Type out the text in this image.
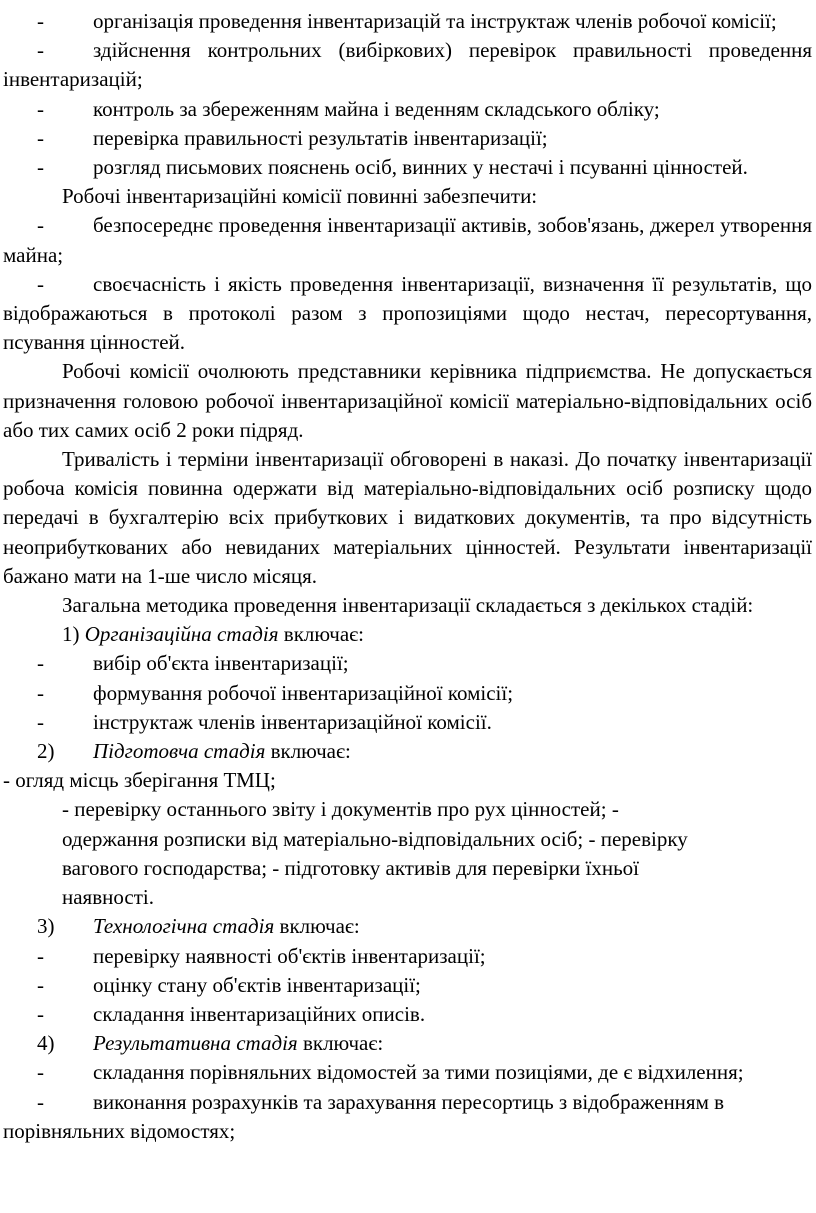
- організація проведення інвентаризацій та інструктаж членів робочої комісії;

- здійснення контрольних (вибіркових) перевірок правильності проведення інвентаризацій;

- контроль за збереженням майна і веденням складського обліку;

- перевірка правильності результатів інвентаризації;

- розгляд письмових пояснень осіб, винних у нестачі і псуванні цінностей.

Робочі інвентаризаційні комісії повинні забезпечити:

- безпосереднє проведення інвентаризації активів, зобов'язань, джерел утворення майна;

- своєчасність і якість проведення інвентаризації, визначення її результатів, що відображаються в протоколі разом з пропозиціями щодо нестач, пересортування, псування цінностей.

Робочі комісії очолюють представники керівника підприємства. Не допускається призначення головою робочої інвентаризаційної комісії матеріально-відповідальних осіб або тих самих осіб 2 роки підряд.

Тривалість і терміни інвентаризації обговорені в наказі. До початку інвентаризації робоча комісія повинна одержати від матеріально-відповідальних осіб розписку щодо передачі в бухгалтерію всіх прибуткових і видаткових документів, та про відсутність неоприбуткованих або невиданих матеріальних цінностей. Результати інвентаризації бажано мати на 1-ше число місяця.

Загальна методика проведення інвентаризації складається з декількох стадій:

1) Організаційна стадія включає:

- вибір об'єкта інвентаризації;

- формування робочої інвентаризаційної комісії;

- інструктаж членів інвентаризаційної комісії.

2) Підготовча стадія включає:

- огляд місць зберігання ТМЦ;

- перевірку останнього звіту і документів про рух цінностей; - одержання розписки від матеріально-відповідальних осіб; - перевірку вагового господарства; - підготовку активів для перевірки їхньої наявності.

3) Технологічна стадія включає:

- перевірку наявності об'єктів інвентаризації;

- оцінку стану об'єктів інвентаризації;

- складання інвентаризаційних описів.

4) Результативна стадія включає:

- складання порівняльних відомостей за тими позиціями, де є відхилення;

- виконання розрахунків та зарахування пересортиць з відображенням в порівняльних відомостях;
